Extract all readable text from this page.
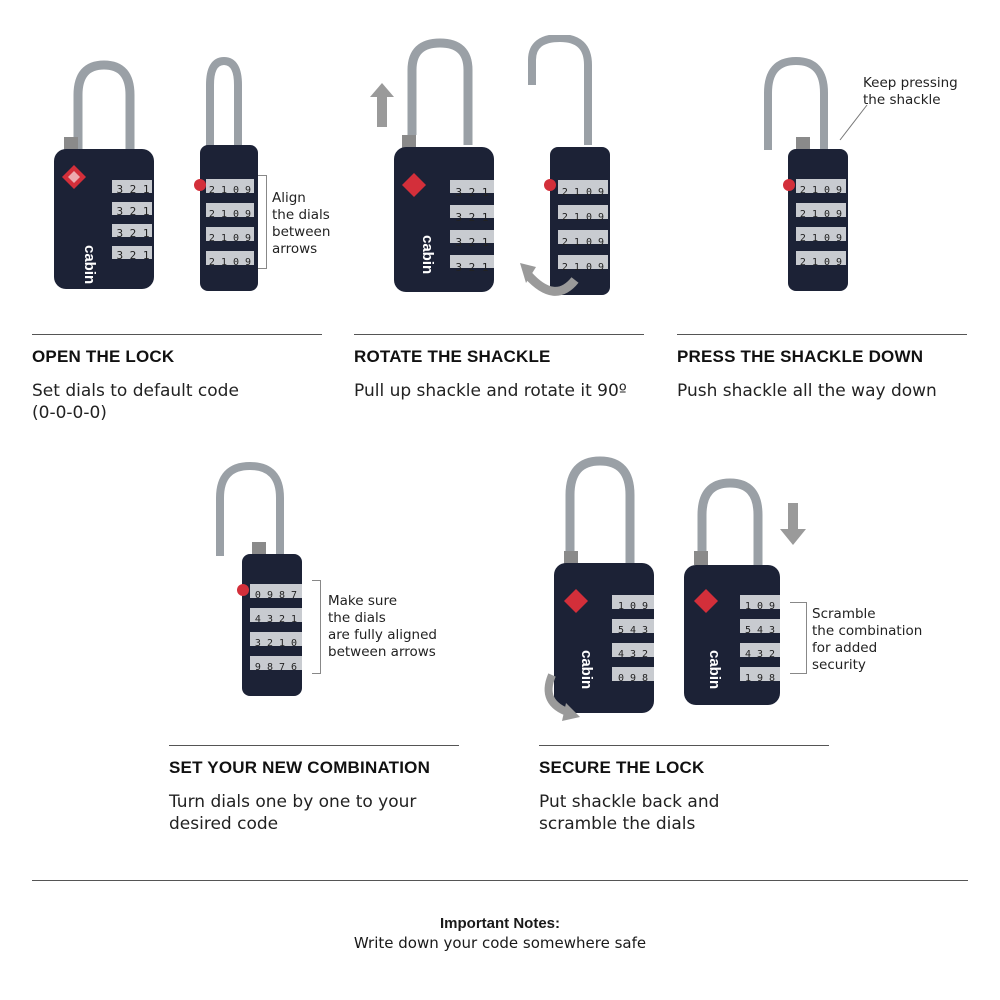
cabin
3 2 1
3 2 1
3 2 1
3 2 1
2 1 0 9
2 1 0 9
2 1 0 9
2 1 0 9
Align
the dials
between
arrows	cabin
3 2 1
3 2 1
3 2 1
3 2 1
2 1 0 9
2 1 0 9
2 1 0 9
2 1 0 9
2 1 0 9
2 1 0 9
2 1 0 9
2 1 0 9
Keep pressing
the shackle
OPEN THE LOCK
Set dials to default code
(0-0-0-0)
ROTATE THE SHACKLE
Pull up shackle and rotate it 90º
PRESS THE SHACKLE DOWN
Push shackle all the way down
0 9 8 7
4 3 2 1
3 2 1 0
9 8 7 6
Make sure
the dials
are fully aligned
between arrows	cabin	cabin
1 0 9
5 4 3
4 3 2
0 9 8
1 0 9
5 4 3
4 3 2
1 9 8
Scramble
the combination
for added
security
SET YOUR NEW COMBINATION
Turn dials one by one to your
desired code
SECURE THE LOCK
Put shackle back and
scramble the dials
Important Notes:
Write down your code somewhere safe
